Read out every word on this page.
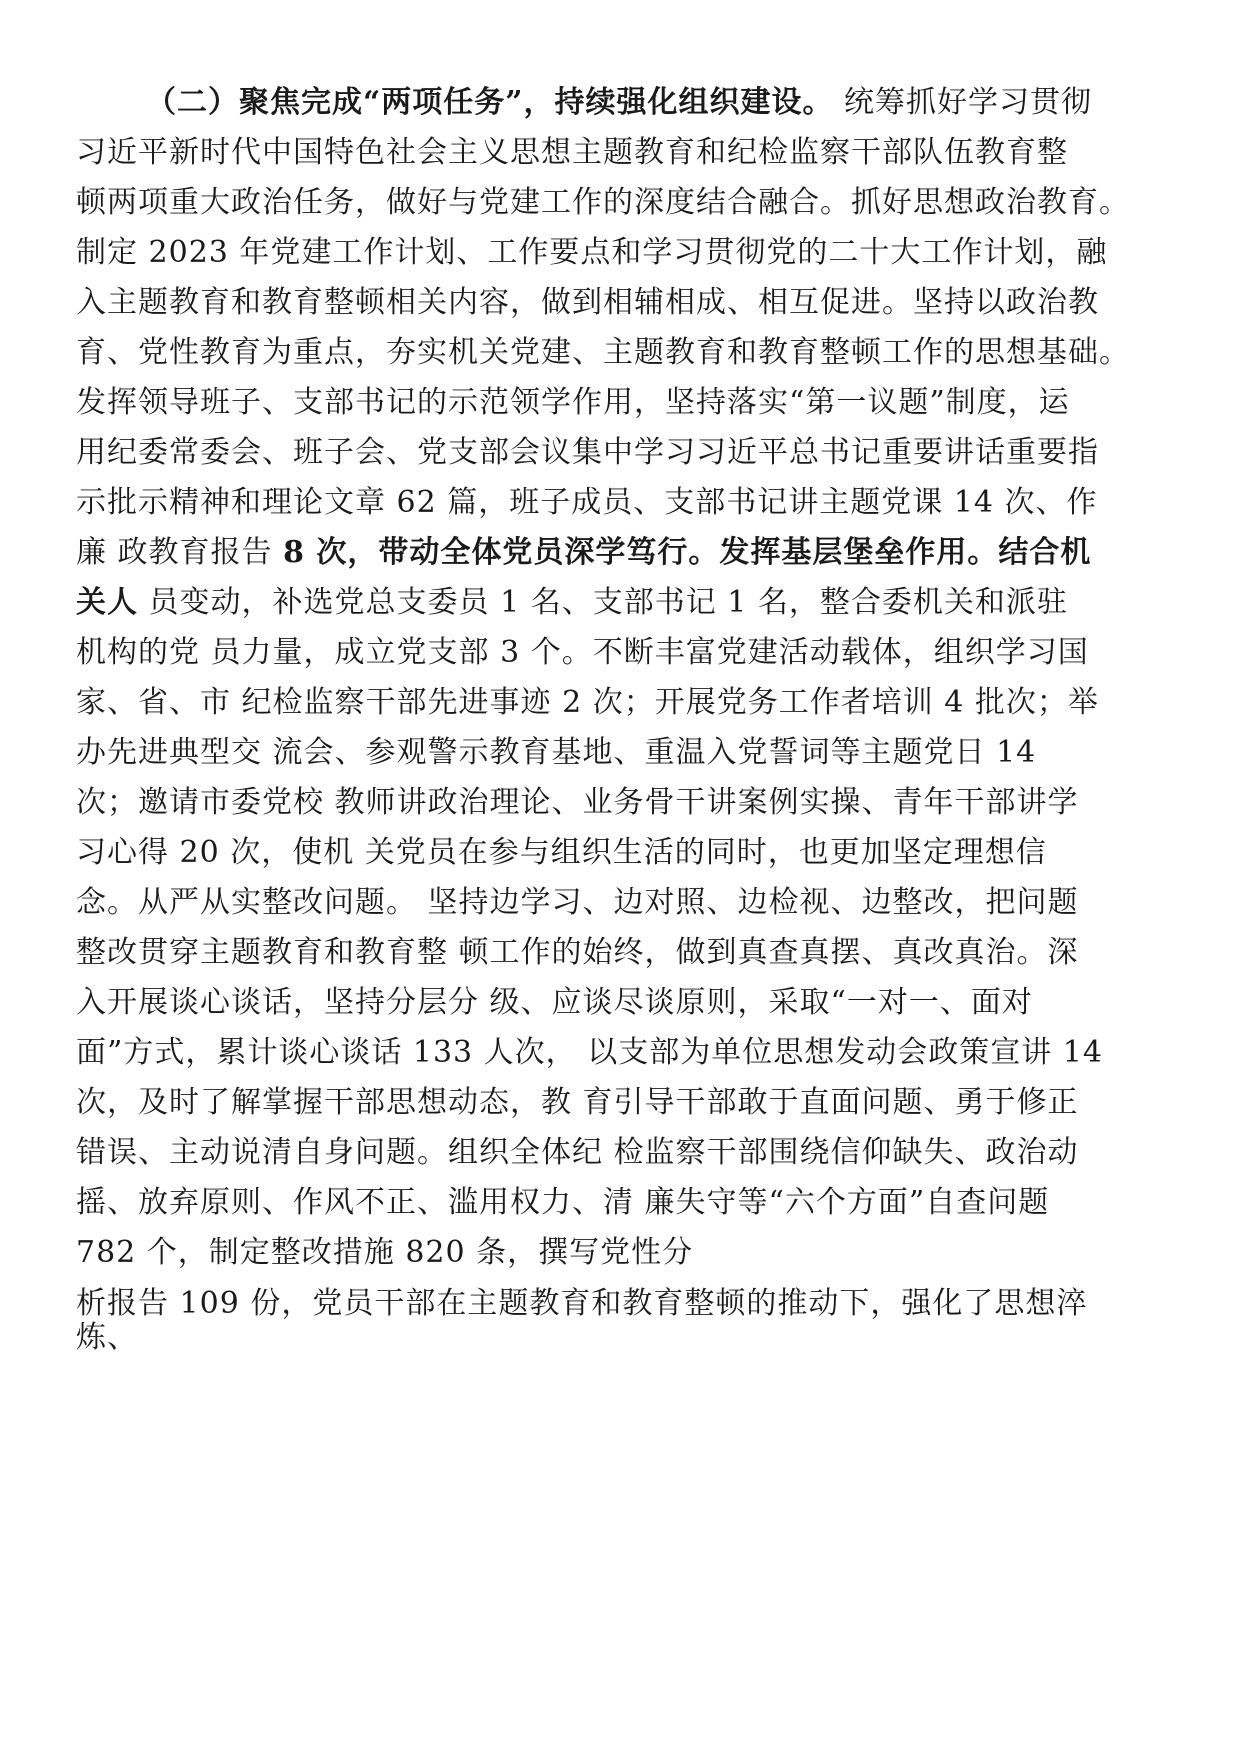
（二）聚焦完成“两项任务”，持续强化组织建设。 统筹抓好学习贯彻
习近平新时代中国特色社会主义思想主题教育和纪检监察干部队伍教育整
顿两项重大政治任务，做好与党建工作的深度结合融合。抓好思想政治教育。
制定 2023 年党建工作计划、工作要点和学习贯彻党的二十大工作计划，融
入主题教育和教育整顿相关内容，做到相辅相成、相互促进。坚持以政治教
育、党性教育为重点，夯实机关党建、主题教育和教育整顿工作的思想基础。
发挥领导班子、支部书记的示范领学作用，坚持落实“第一议题”制度，运
用纪委常委会、班子会、党支部会议集中学习习近平总书记重要讲话重要指
示批示精神和理论文章 62 篇，班子成员、支部书记讲主题党课 14 次、作
廉 政教育报告 8 次，带动全体党员深学笃行。发挥基层堡垒作用。结合机
关人 员变动，补选党总支委员 1 名、支部书记 1 名，整合委机关和派驻
机构的党 员力量，成立党支部 3 个。不断丰富党建活动载体，组织学习国
家、省、市 纪检监察干部先进事迹 2 次；开展党务工作者培训 4 批次；举
办先进典型交 流会、参观警示教育基地、重温入党誓词等主题党日 14
次；邀请市委党校 教师讲政治理论、业务骨干讲案例实操、青年干部讲学
习心得 20 次，使机 关党员在参与组织生活的同时，也更加坚定理想信
念。从严从实整改问题。 坚持边学习、边对照、边检视、边整改，把问题
整改贯穿主题教育和教育整 顿工作的始终，做到真查真摆、真改真治。深
入开展谈心谈话，坚持分层分 级、应谈尽谈原则，采取“一对一、面对
面”方式，累计谈心谈话 133 人次， 以支部为单位思想发动会政策宣讲 14
次，及时了解掌握干部思想动态，教 育引导干部敢于直面问题、勇于修正
错误、主动说清自身问题。组织全体纪 检监察干部围绕信仰缺失、政治动
摇、放弃原则、作风不正、滥用权力、清 廉失守等“六个方面”自查问题
782 个，制定整改措施 820 条，撰写党性分
析报告 109 份，党员干部在主题教育和教育整顿的推动下，强化了思想淬
炼、
